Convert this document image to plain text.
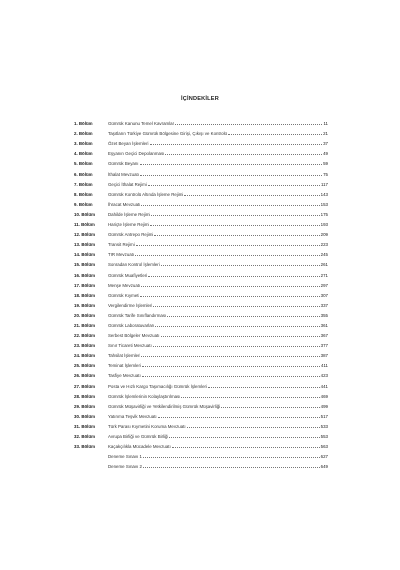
İÇİNDEKİLER
1. Bölüm	Gümrük Kanunu Temel Kavramlar	11
2. Bölüm	Taşıtların Türkiye Gümrük Bölgesine Girişi, Çıkışı ve Kontrolü	21
3. Bölüm	Özet Beyan İşlemleri	37
4. Bölüm	Eşyanın Geçici Depolanması	49
5. Bölüm	Gümrük Beyanı	59
6. Bölüm	İthalat Mevzuatı	75
7. Bölüm	Geçici İthalat Rejimi	117
8. Bölüm	Gümrük Kontrolü Altında İşleme Rejimi	143
9. Bölüm	İhracat Mevzuatı	153
10. Bölüm	Dahilde İşleme Rejimi	175
11. Bölüm	Hariçte İşleme Rejimi	193
12. Bölüm	Gümrük Antrepo Rejimi	209
13. Bölüm	Transit Rejimi	223
14. Bölüm	TIR Mevzuatı	245
15. Bölüm	Sonradan Kontrol İşlemleri	261
16. Bölüm	Gümrük Muafiyetleri	271
17. Bölüm	Menşe Mevzuatı	297
18. Bölüm	Gümrük Kıymeti	307
19. Bölüm	Vergilendirme İşlemleri	337
20. Bölüm	Gümrük Tarife Sınıflandırması	355
21. Bölüm	Gümrük Laboratuvarları	361
22. Bölüm	Serbest Bölgeler Mevzuatı	367
23. Bölüm	Sınır Ticareti Mevzuatı	377
24. Bölüm	Tahsilat İşlemleri	387
25. Bölüm	Teminat İşlemleri	411
26. Bölüm	Tasfiye Mevzuatı	423
27. Bölüm	Posta ve Hızlı Kargo Taşımacılığı Gümrük İşlemleri	441
28. Bölüm	Gümrük İşlemlerinin Kolaylaştırılması	469
29. Bölüm	Gümrük Müşavirliği ve Yetkilendirilmiş Gümrük Müşavirliği	499
30. Bölüm	Yatırıma Teşvik Mevzuatı	517
31. Bölüm	Türk Parası Kıymetini Koruma Mevzuatı	533
32. Bölüm	Avrupa Birliği ve Gümrük Birliği	553
33. Bölüm	Kaçakçılıkla Mücadele Mevzuatı	563
Deneme Sınavı 1	627
Deneme Sınavı 2	649
